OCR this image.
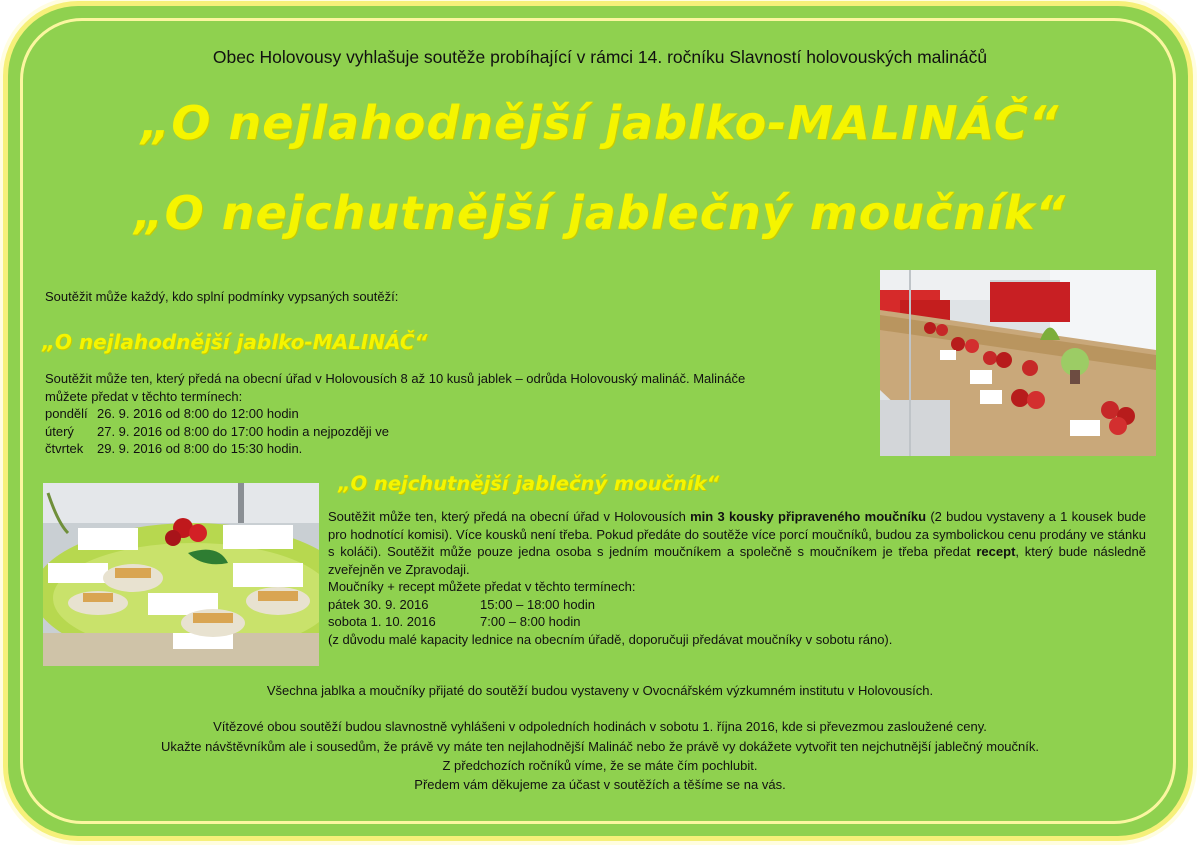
Obec Holovousy vyhlašuje soutěže probíhající v rámci 14. ročníku Slavností holovouských malináčů
„O nejlahodnější jablko-MALINÁČ“
„O nejchutnější jablečný moučník“
Soutěžit může každý, kdo splní podmínky vypsaných soutěží:
„O nejlahodnější jablko-MALINÁČ“
Soutěžit může ten, který předá na obecní úřad v Holovousích 8 až 10 kusů jablek – odrůda Holovouský malináč. Malináče
můžete předat v těchto termínech:
pondělí 26. 9. 2016 od 8:00 do 12:00 hodin
úterý 27. 9. 2016 od 8:00 do 17:00 hodin a nejpozději ve
čtvrtek 29. 9. 2016 od 8:00 do 15:30 hodin.
„O nejchutnější jablečný moučník“
Soutěžit může ten, který předá na obecní úřad v Holovousích min 3 kousky připraveného moučníku (2 budou vystaveny a 1 kousek bude pro hodnotící komisi). Více kousků není třeba. Pokud předáte do soutěže více porcí moučníků, budou za symbolickou cenu prodány ve stánku s koláči). Soutěžit může pouze jedna osoba s jedním moučníkem a společně s moučníkem je třeba předat recept, který bude následně zveřejněn ve Zpravodaji.
Moučníky + recept můžete předat v těchto termínech:
pátek 30. 9. 2016	15:00 – 18:00 hodin
sobota 1. 10. 2016	7:00 – 8:00 hodin
(z důvodu malé kapacity lednice na obecním úřadě, doporučuji předávat moučníky v sobotu ráno).
Všechna jablka a moučníky přijaté do soutěží budou vystaveny v Ovocnářském výzkumném institutu v Holovousích.
Vítězové obou soutěží budou slavnostně vyhlášeni v odpoledních hodinách v sobotu 1. října 2016, kde si převezmou zasloužené ceny.
Ukažte návštěvníkům ale i sousedům, že právě vy máte ten nejlahodnější Malináč nebo že právě vy dokážete vytvořit ten nejchutnější jablečný moučník.
Z předchozích ročníků víme, že se máte čím pochlubit.
Předem vám děkujeme za účast v soutěžích a těšíme se na vás.
